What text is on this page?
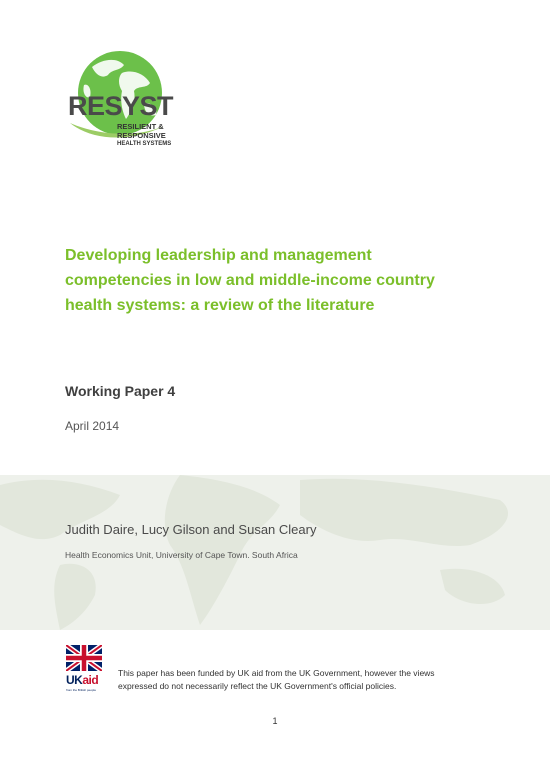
RESYST
RESILIENT &
RESPONSIVE
HEALTH SYSTEMS
Developing leadership and management
competencies in low and middle-income country
health systems: a review of the literature
Working Paper 4
April 2014
Judith Daire, Lucy Gilson and Susan Cleary
Health Economics Unit, University of Cape Town. South Africa
UKaid
from the British people
This paper has been funded by UK aid from the UK Government, however the views
expressed do not necessarily reflect the UK Government's official policies.
1
